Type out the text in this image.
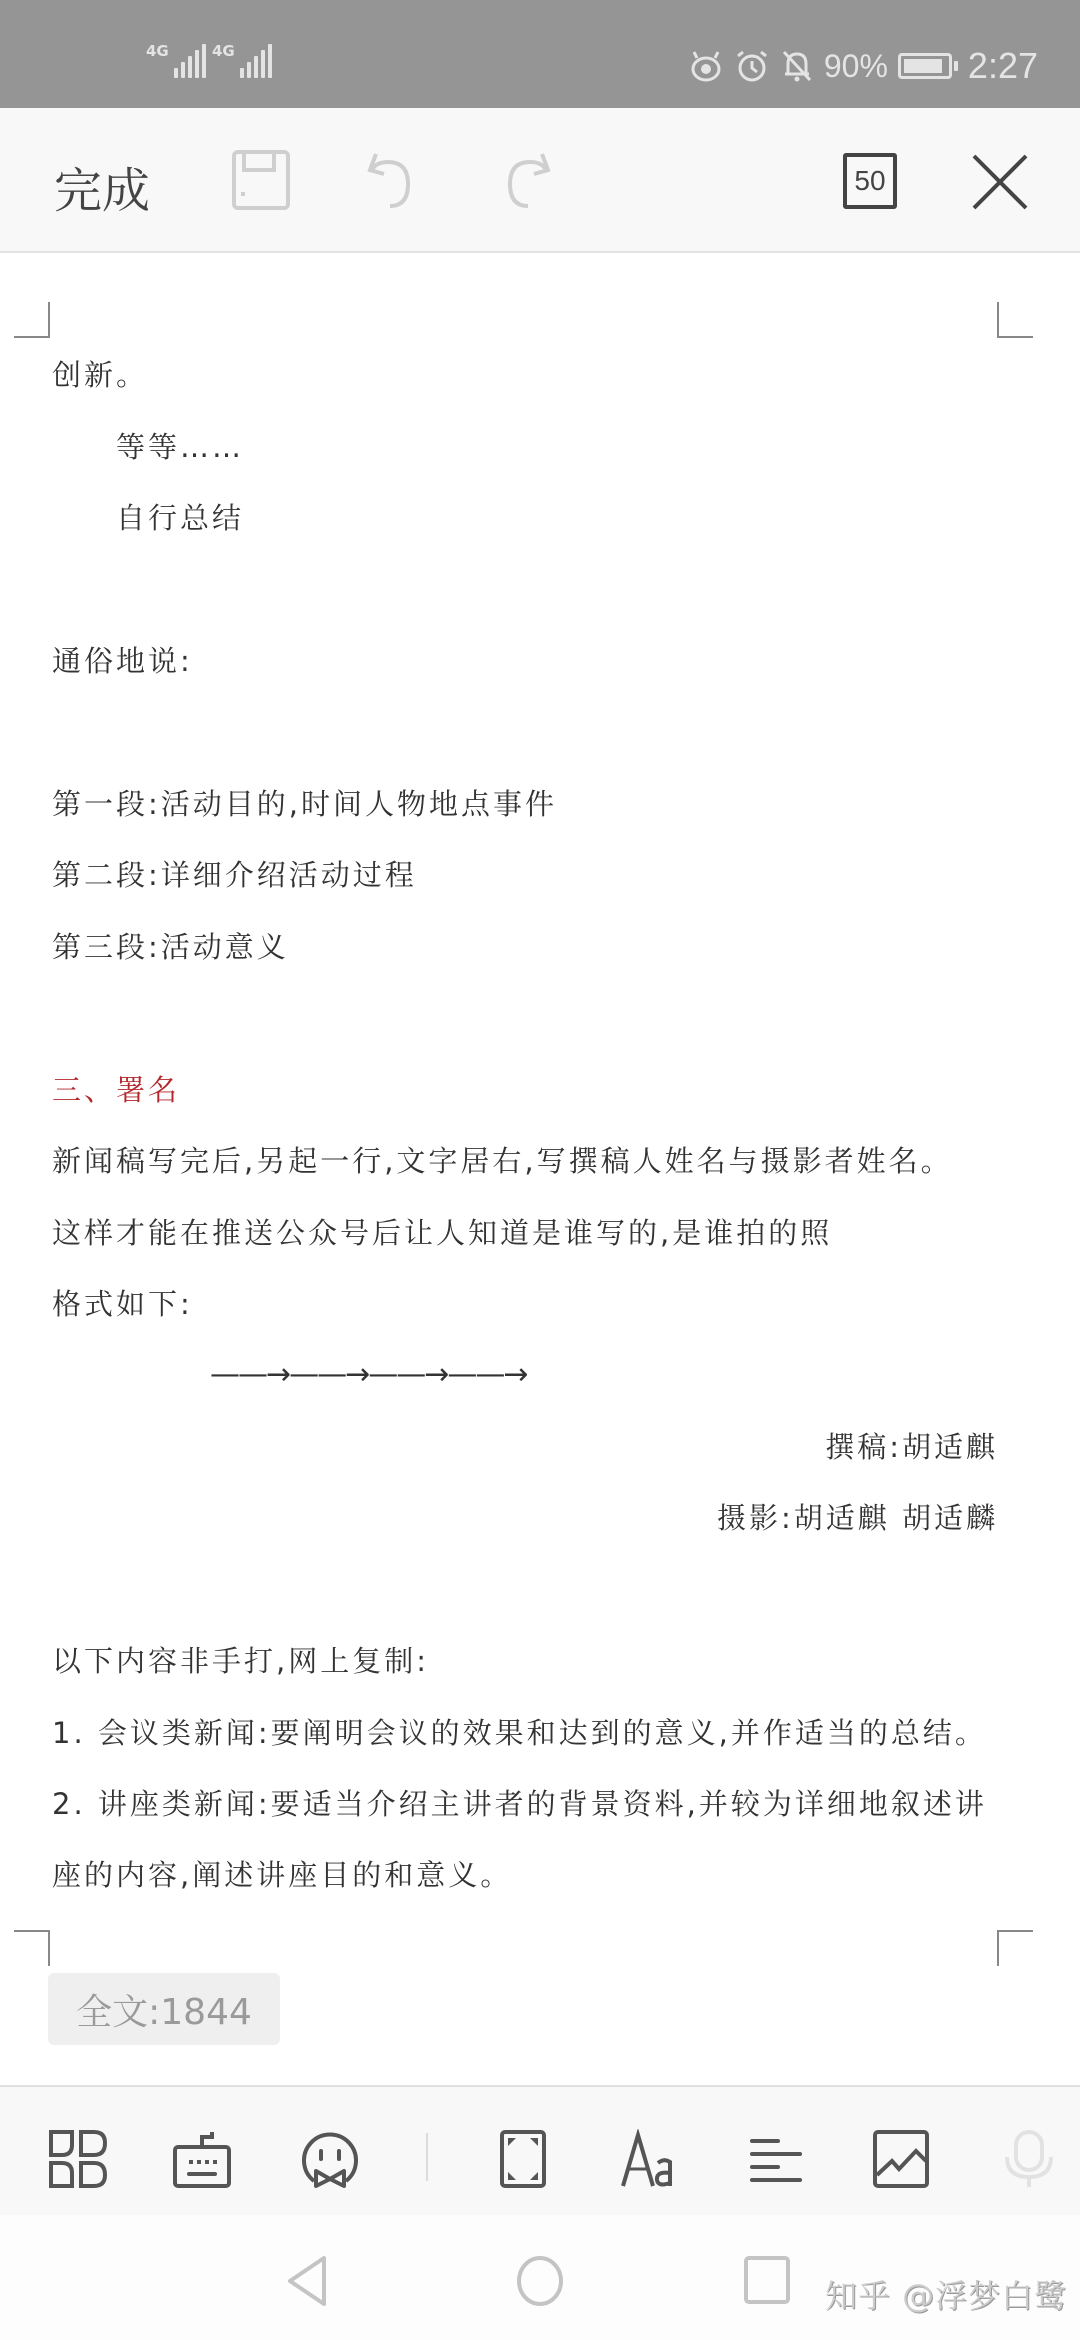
4G	4G	90% 2:27
完成	50
创新。
等等……
自行总结
通俗地说:
第一段:活动目的,时间人物地点事件
第二段:详细介绍活动过程
第三段:活动意义
三、署名
新闻稿写完后,另起一行,文字居右,写撰稿人姓名与摄影者姓名。
这样才能在推送公众号后让人知道是谁写的,是谁拍的照
格式如下:
——→——→——→——→
撰稿:胡适麒
摄影:胡适麒 胡适麟
以下内容非手打,网上复制:
1. 会议类新闻:要阐明会议的效果和达到的意义,并作适当的总结。
2. 讲座类新闻:要适当介绍主讲者的背景资料,并较为详细地叙述讲
座的内容,阐述讲座目的和意义。
全文:1844
知乎 @浮梦白鹭
